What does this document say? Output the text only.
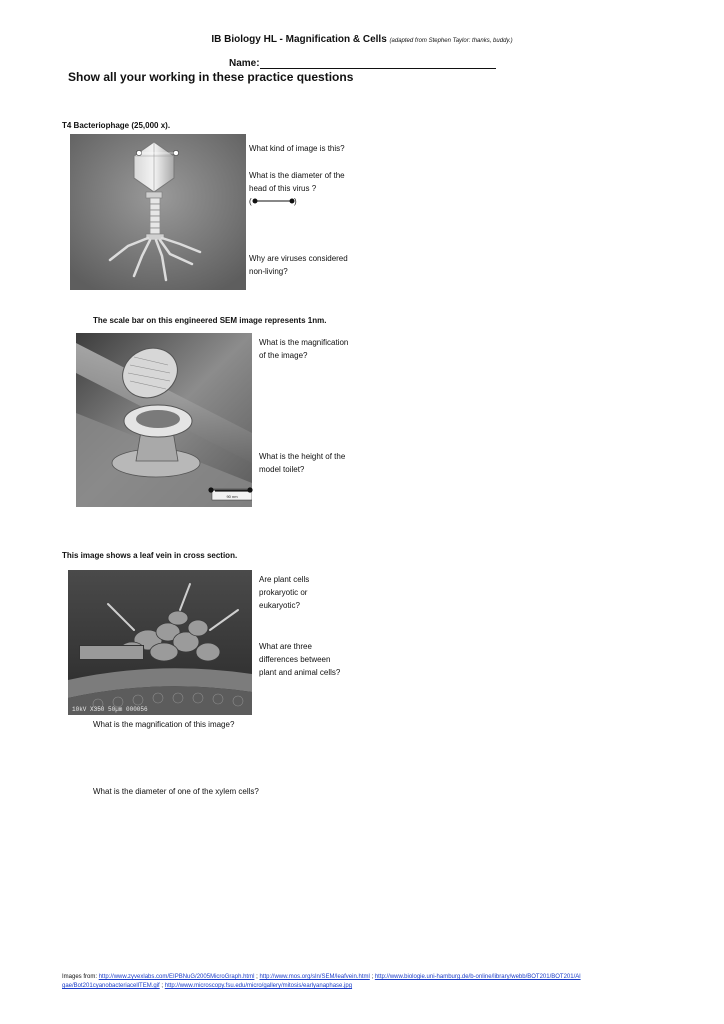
IB Biology HL - Magnification & Cells (adapted from Stephen Taylor: thanks, buddy.)
Name:
Show all your working in these practice questions
T4 Bacteriophage (25,000 x).
What kind of image is this?
What is the diameter of the head of this virus ?
(	)
Why are viruses considered non-living?
The scale bar on this engineered SEM image represents 1nm.
90 nm
What is the magnification of the image?
What is the height of the model toilet?
This image shows a leaf vein in cross section.
10kV X350 50µm 000056
Are plant cells prokaryotic or eukaryotic?
What are three differences between plant and animal cells?
What is the magnification of this image?
What is the diameter of one of the xylem cells?
Images from: http://www.zyvexlabs.com/EIPBNuG/2005MicroGraph.html ; http://www.mos.org/sln/SEM/leafvein.html ; http://www.biologie.uni-hamburg.de/b-online/library/webb/BOT201/BOT201/Algae/Bot201cyanobacteriacellTEM.gif ; http://www.microscopy.fsu.edu/micro/gallery/mitosis/earlyanaphase.jpg
